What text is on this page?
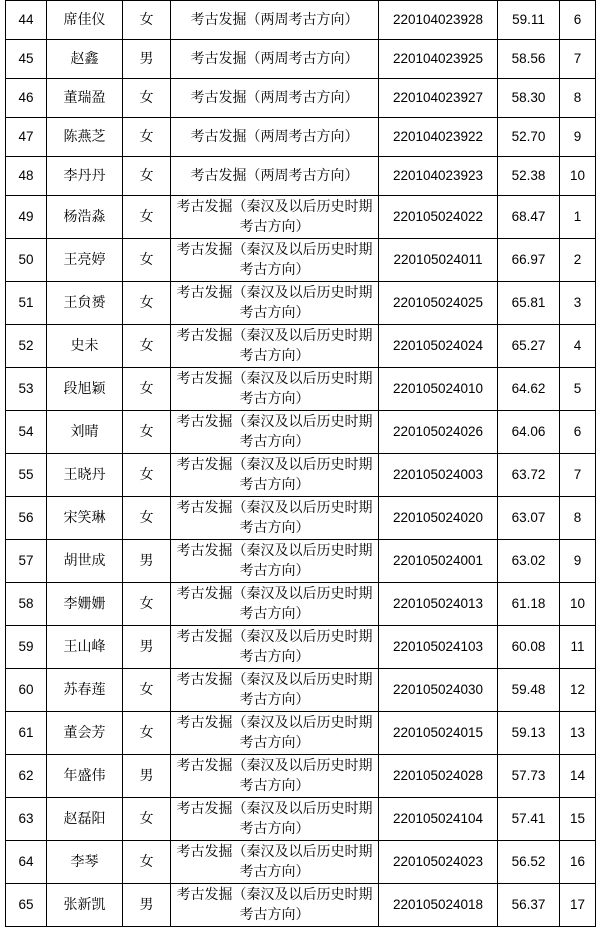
44	席佳仪	女	考古发掘（两周考古方向）	220104023928	59.11	6
45	赵鑫	男	考古发掘（两周考古方向）	220104023925	58.56	7
46	董瑞盈	女	考古发掘（两周考古方向）	220104023927	58.30	8
47	陈燕芝	女	考古发掘（两周考古方向）	220104023922	52.70	9
48	李丹丹	女	考古发掘（两周考古方向）	220104023923	52.38	10
49	杨浩淼	女	考古发掘（秦汉及以后历史时期考古方向）	220105024022	68.47	1
50	王亮婷	女	考古发掘（秦汉及以后历史时期考古方向）	220105024011	66.97	2
51	王贠赟	女	考古发掘（秦汉及以后历史时期考古方向）	220105024025	65.81	3
52	史未	女	考古发掘（秦汉及以后历史时期考古方向）	220105024024	65.27	4
53	段旭颖	女	考古发掘（秦汉及以后历史时期考古方向）	220105024010	64.62	5
54	刘晴	女	考古发掘（秦汉及以后历史时期考古方向）	220105024026	64.06	6
55	王晓丹	女	考古发掘（秦汉及以后历史时期考古方向）	220105024003	63.72	7
56	宋笑琳	女	考古发掘（秦汉及以后历史时期考古方向）	220105024020	63.07	8
57	胡世成	男	考古发掘（秦汉及以后历史时期考古方向）	220105024001	63.02	9
58	李姗姗	女	考古发掘（秦汉及以后历史时期考古方向）	220105024013	61.18	10
59	王山峰	男	考古发掘（秦汉及以后历史时期考古方向）	220105024103	60.08	11
60	苏春莲	女	考古发掘（秦汉及以后历史时期考古方向）	220105024030	59.48	12
61	董会芳	女	考古发掘（秦汉及以后历史时期考古方向）	220105024015	59.13	13
62	年盛伟	男	考古发掘（秦汉及以后历史时期考古方向）	220105024028	57.73	14
63	赵磊阳	女	考古发掘（秦汉及以后历史时期考古方向）	220105024104	57.41	15
64	李琴	女	考古发掘（秦汉及以后历史时期考古方向）	220105024023	56.52	16
65	张新凯	男	考古发掘（秦汉及以后历史时期考古方向）	220105024018	56.37	17
